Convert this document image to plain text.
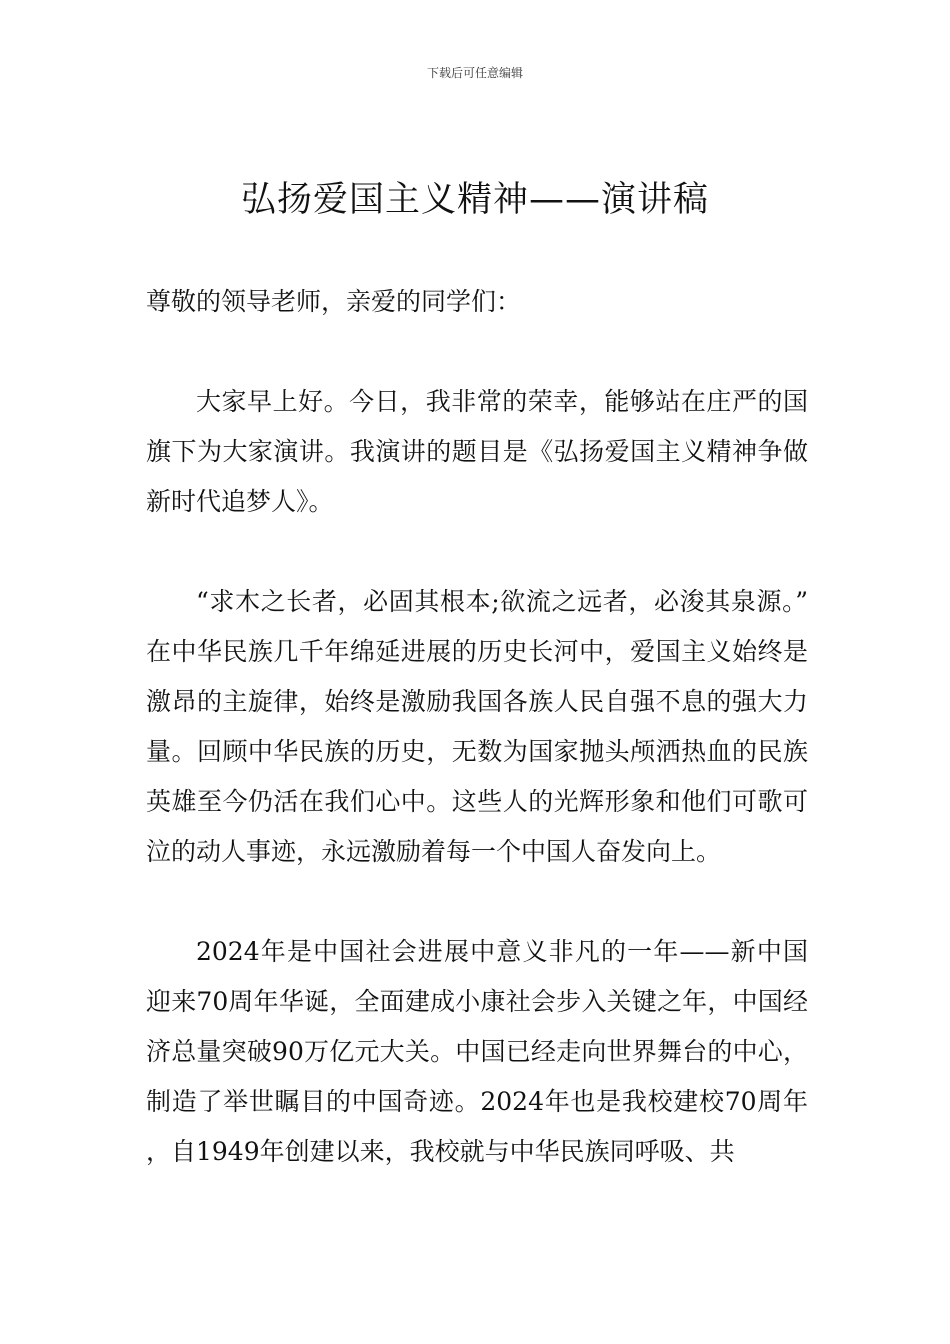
下载后可任意编辑
弘扬爱国主义精神——演讲稿

尊敬的领导老师，亲爱的同学们：

大家早上好。今日，我非常的荣幸，能够站在庄严的国旗下为大家演讲。我演讲的题目是《弘扬爱国主义精神争做新时代追梦人》。

“求木之长者，必固其根本;欲流之远者，必浚其泉源。”在中华民族几千年绵延进展的历史长河中，爱国主义始终是激昂的主旋律，始终是激励我国各族人民自强不息的强大力量。回顾中华民族的历史，无数为国家抛头颅洒热血的民族英雄至今仍活在我们心中。这些人的光辉形象和他们可歌可泣的动人事迹，永远激励着每一个中国人奋发向上。

2024年是中国社会进展中意义非凡的一年——新中国迎来70周年华诞，全面建成小康社会步入关键之年，中国经济总量突破90万亿元大关。中国已经走向世界舞台的中心，制造了举世瞩目的中国奇迹。2024年也是我校建校70周年，自1949年创建以来，我校就与中华民族同呼吸、共
